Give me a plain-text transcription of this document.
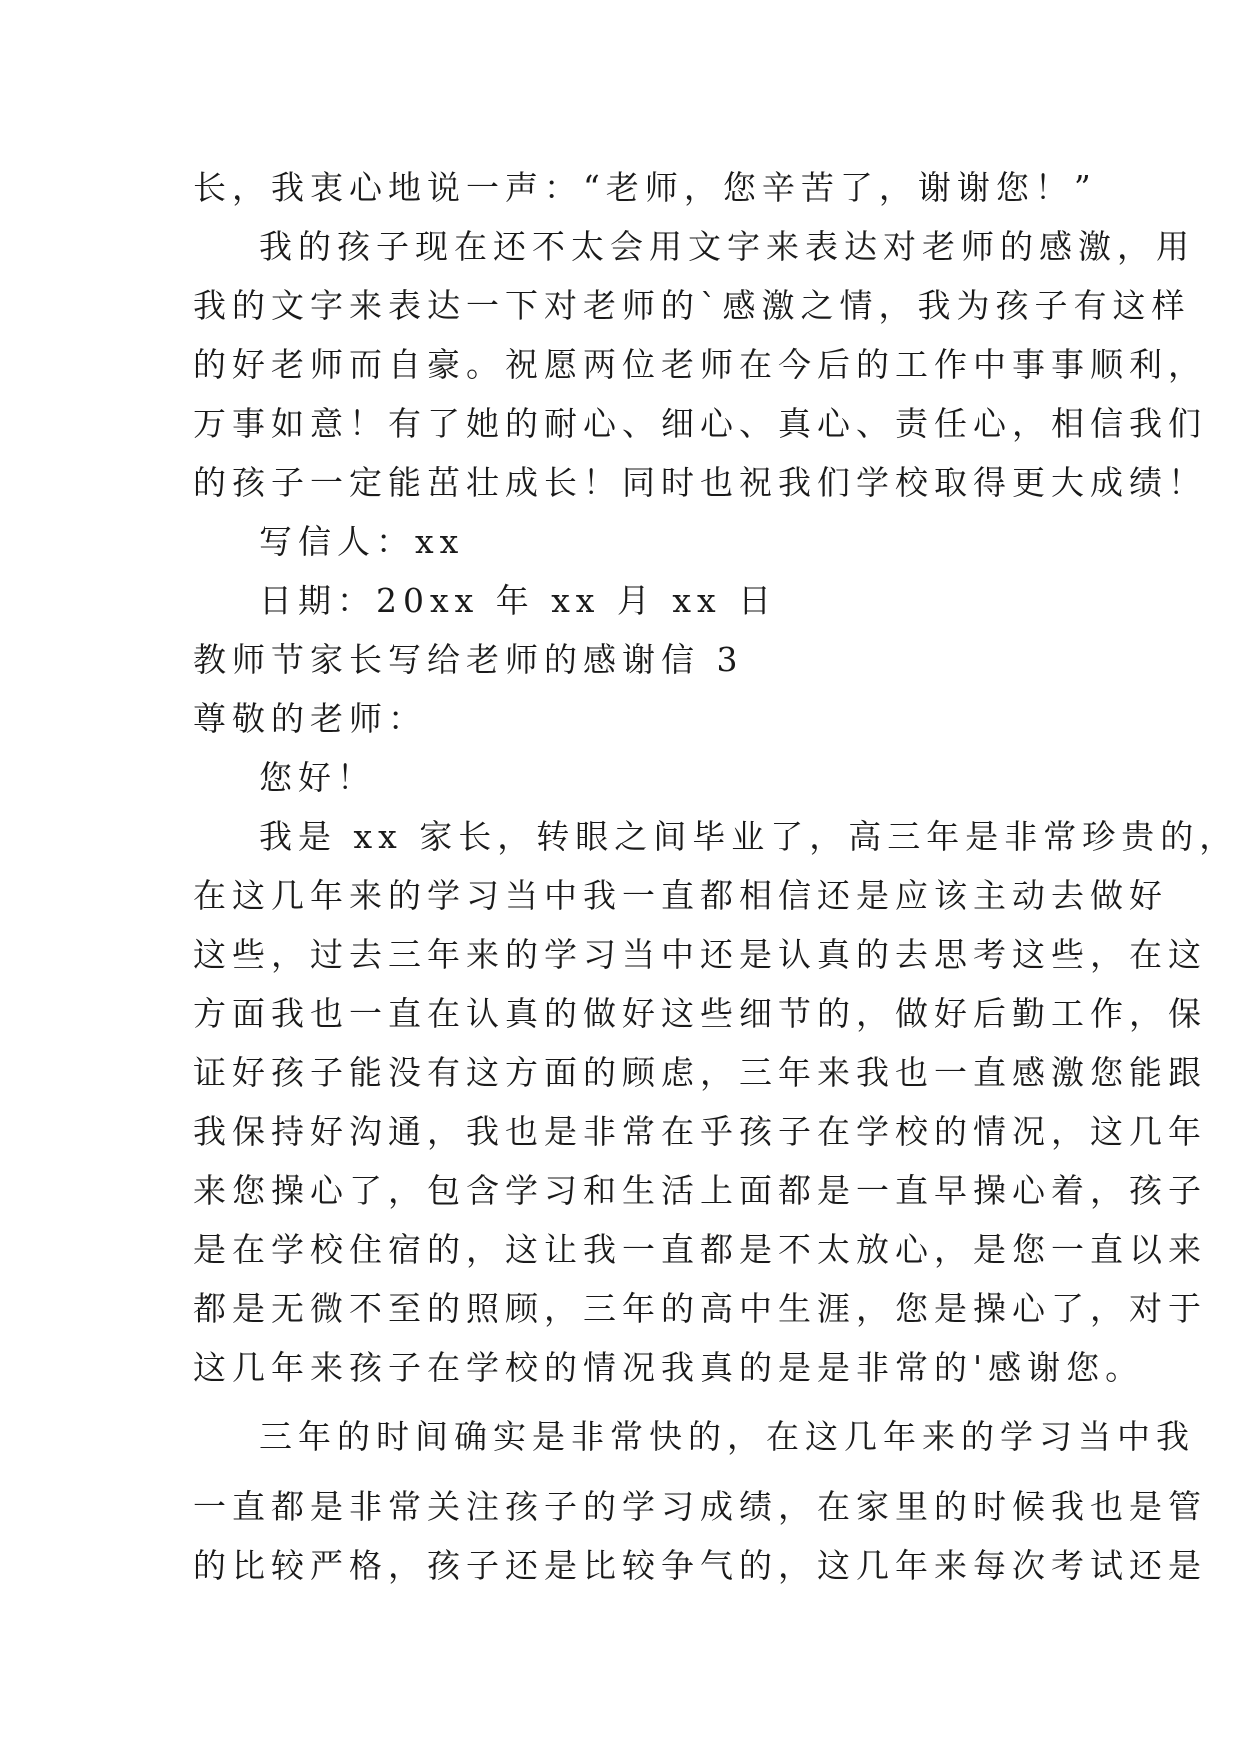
长，我衷心地说一声：“老师，您辛苦了，谢谢您！”
我的孩子现在还不太会用文字来表达对老师的感激，用
我的文字来表达一下对老师的`感激之情，我为孩子有这样
的好老师而自豪。祝愿两位老师在今后的工作中事事顺利，
万事如意！有了她的耐心、细心、真心、责任心，相信我们
的孩子一定能茁壮成长！同时也祝我们学校取得更大成绩！
写信人：xx
日期：20xx 年 xx 月 xx 日
教师节家长写给老师的感谢信 3
尊敬的老师：
您好！
我是 xx 家长，转眼之间毕业了，高三年是非常珍贵的，
在这几年来的学习当中我一直都相信还是应该主动去做好
这些，过去三年来的学习当中还是认真的去思考这些，在这
方面我也一直在认真的做好这些细节的，做好后勤工作，保
证好孩子能没有这方面的顾虑，三年来我也一直感激您能跟
我保持好沟通，我也是非常在乎孩子在学校的情况，这几年
来您操心了，包含学习和生活上面都是一直早操心着，孩子
是在学校住宿的，这让我一直都是不太放心，是您一直以来
都是无微不至的照顾，三年的高中生涯，您是操心了，对于
这几年来孩子在学校的情况我真的是是非常的'感谢您。
三年的时间确实是非常快的，在这几年来的学习当中我
一直都是非常关注孩子的学习成绩，在家里的时候我也是管
的比较严格，孩子还是比较争气的，这几年来每次考试还是
